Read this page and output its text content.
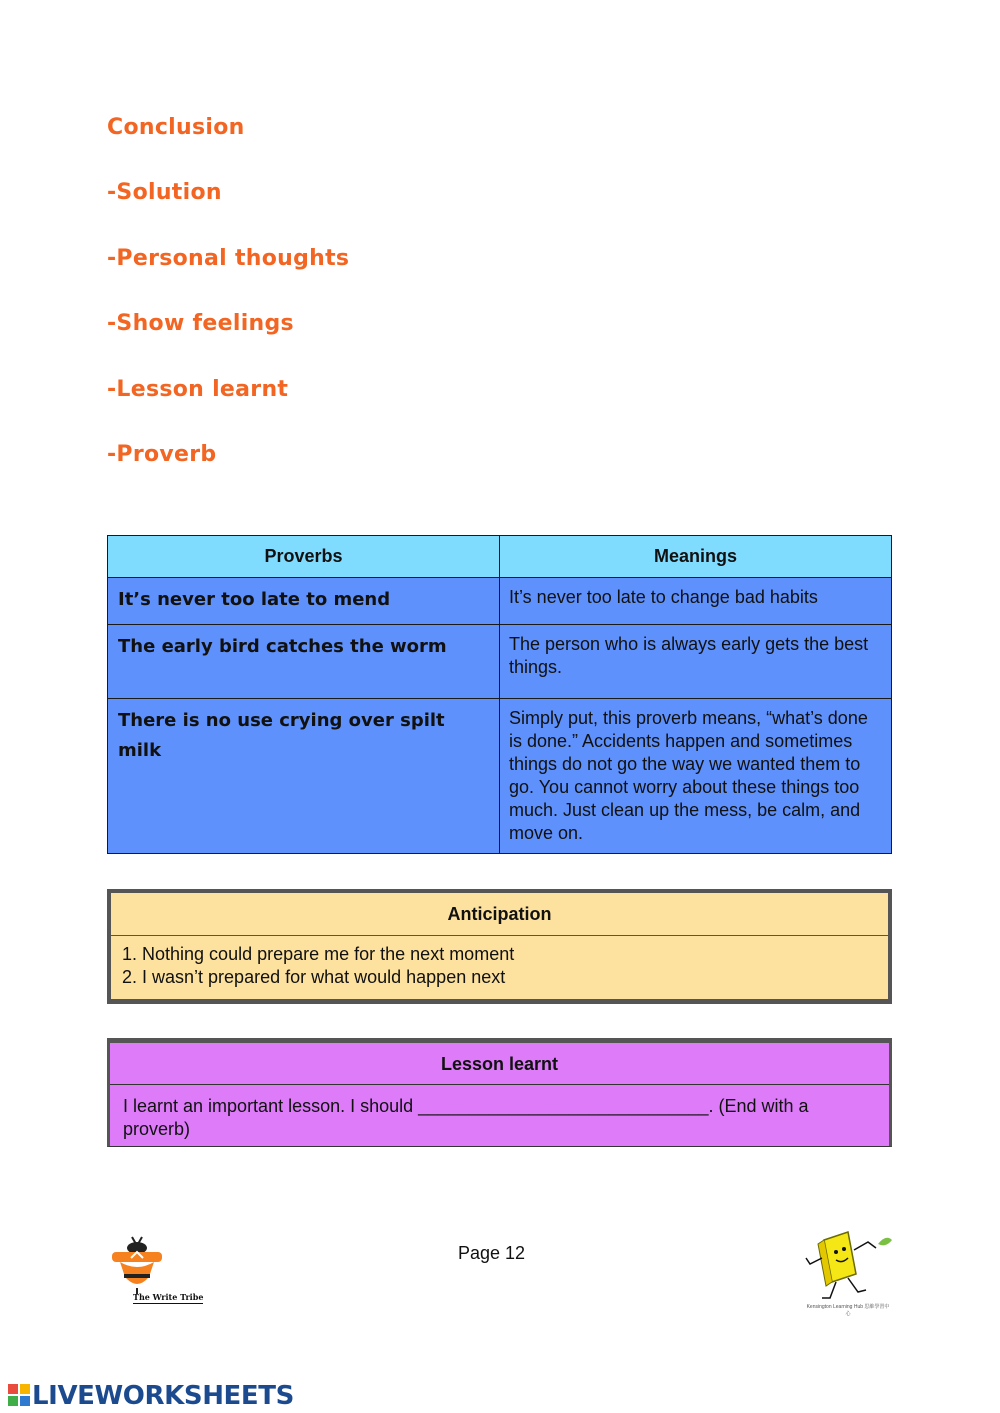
Conclusion
-Solution
-Personal thoughts
-Show feelings
-Lesson learnt
-Proverb
Proverbs	Meanings
It’s never too late to mend	It’s never too late to change bad habits
The early bird catches the worm	The person who is always early gets the best things.
There is no use crying over spilt milk	Simply put, this proverb means, “what’s done is done.” Accidents happen and sometimes things do not go the way we wanted them to go. You cannot worry about these things too much. Just clean up the mess, be calm, and move on.
Anticipation
1. Nothing could prepare me for the next moment
2. I wasn’t prepared for what would happen next
Lesson learnt
I learnt an important lesson. I should _____________________________. (End with a proverb)
Page 12
The Write Tribe
Kensington Learning Hub 思維學習中心
LIVEWORKSHEETS
